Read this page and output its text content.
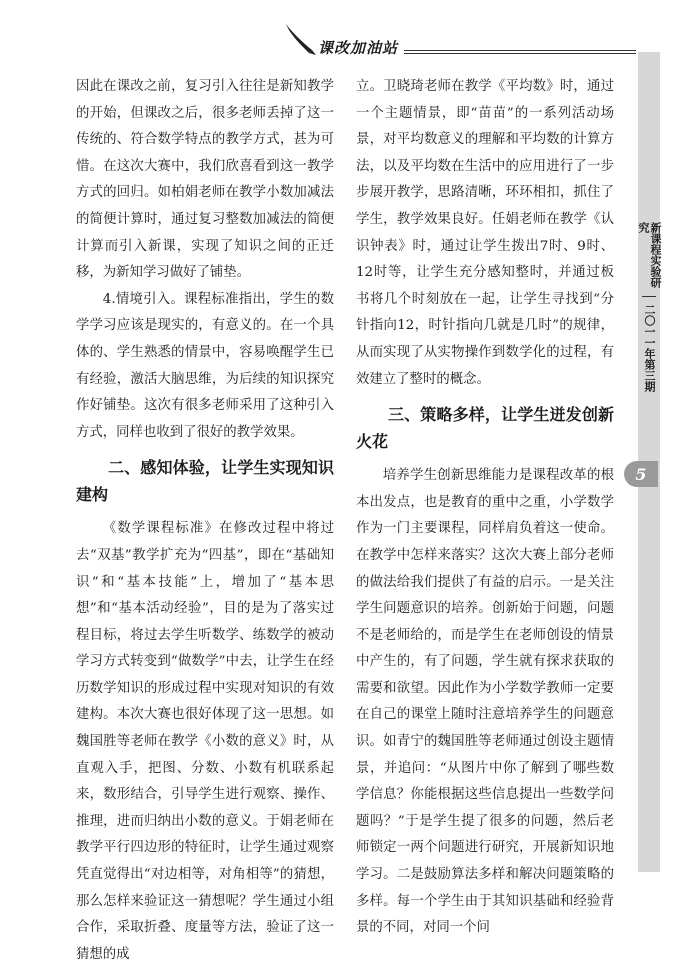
课改加油站
新课程实验研究
二〇一一年第三期
5

因此在课改之前，复习引入往往是新知教学的开始，但课改之后，很多老师丢掉了这一传统的、符合数学特点的教学方式，甚为可惜。在这次大赛中，我们欣喜看到这一教学方式的回归。如柏娟老师在教学小数加减法的简便计算时，通过复习整数加减法的简便计算而引入新课，实现了知识之间的正迁移，为新知学习做好了铺垫。

4.情境引入。课程标准指出，学生的数学学习应该是现实的，有意义的。在一个具体的、学生熟悉的情景中，容易唤醒学生已有经验，激活大脑思维，为后续的知识探究作好铺垫。这次有很多老师采用了这种引入方式，同样也收到了很好的教学效果。

二、感知体验，让学生实现知识建构

《数学课程标准》在修改过程中将过去“双基”教学扩充为“四基”，即在“基础知识”和“基本技能”上，增加了“基本思想”和“基本活动经验”，目的是为了落实过程目标，将过去学生听数学、练数学的被动学习方式转变到“做数学”中去，让学生在经历数学知识的形成过程中实现对知识的有效建构。本次大赛也很好体现了这一思想。如魏国胜等老师在教学《小数的意义》时，从直观入手，把图、分数、小数有机联系起来，数形结合，引导学生进行观察、操作、推理，进而归纳出小数的意义。于娟老师在教学平行四边形的特征时，让学生通过观察凭直觉得出“对边相等，对角相等”的猜想，那么怎样来验证这一猜想呢？学生通过小组合作，采取折叠、度量等方法，验证了这一猜想的成

立。卫晓琦老师在教学《平均数》时，通过一个主题情景，即“苗苗”的一系列活动场景，对平均数意义的理解和平均数的计算方法，以及平均数在生活中的应用进行了一步步展开教学，思路清晰，环环相扣，抓住了学生，教学效果良好。任娟老师在教学《认识钟表》时，通过让学生拨出7时、9时、12时等，让学生充分感知整时，并通过板书将几个时刻放在一起，让学生寻找到“分针指向12，时针指向几就是几时”的规律，从而实现了从实物操作到数学化的过程，有效建立了整时的概念。

三、策略多样，让学生迸发创新火花

培养学生创新思维能力是课程改革的根本出发点，也是教育的重中之重，小学数学作为一门主要课程，同样肩负着这一使命。在教学中怎样来落实？这次大赛上部分老师的做法给我们提供了有益的启示。一是关注学生问题意识的培养。创新始于问题，问题不是老师给的，而是学生在老师创设的情景中产生的，有了问题，学生就有探求获取的需要和欲望。因此作为小学数学教师一定要在自己的课堂上随时注意培养学生的问题意识。如青宁的魏国胜等老师通过创设主题情景，并追问：“从图片中你了解到了哪些数学信息？你能根据这些信息提出一些数学问题吗？”于是学生提了很多的问题，然后老师锁定一两个问题进行研究，开展新知识地学习。二是鼓励算法多样和解决问题策略的多样。每一个学生由于其知识基础和经验背景的不同，对同一个问
